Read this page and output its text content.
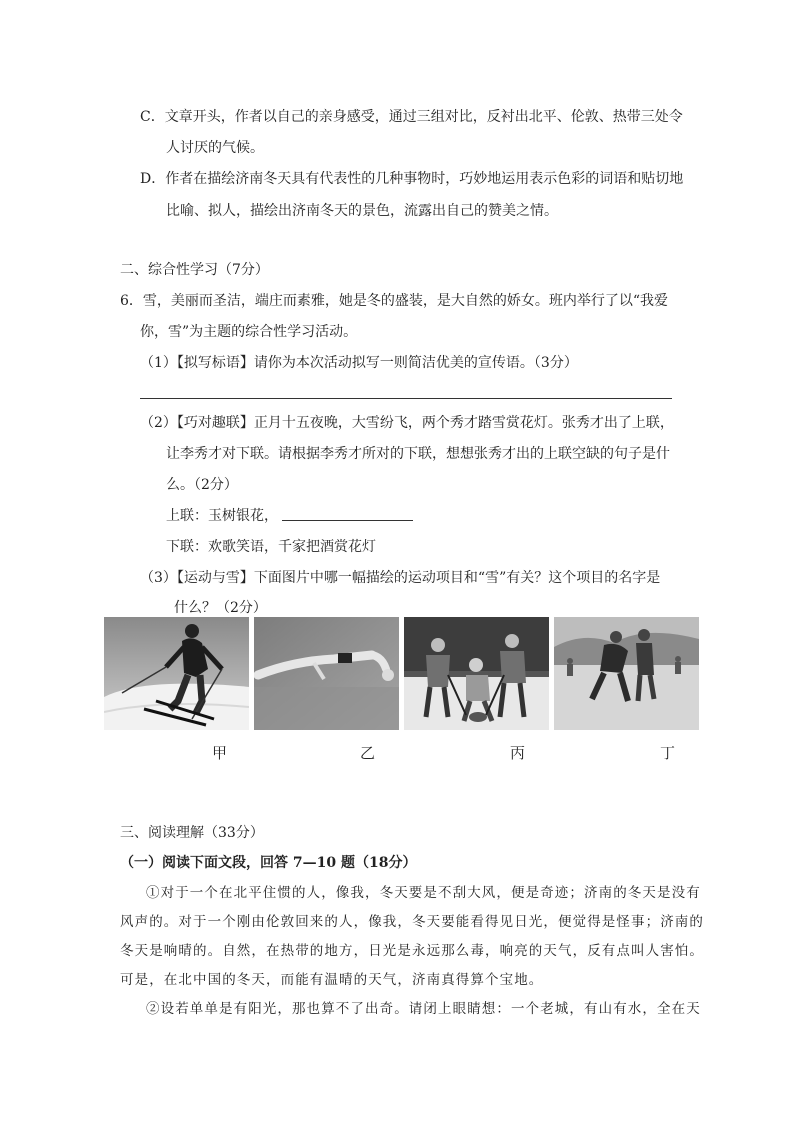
C．文章开头，作者以自己的亲身感受，通过三组对比，反衬出北平、伦敦、热带三处令
人讨厌的气候。
D．作者在描绘济南冬天具有代表性的几种事物时，巧妙地运用表示色彩的词语和贴切地
比喻、拟人，描绘出济南冬天的景色，流露出自己的赞美之情。
二、综合性学习（7分）
6．雪，美丽而圣洁，端庄而素雅，她是冬的盛装，是大自然的娇女。班内举行了以“我爱
你，雪”为主题的综合性学习活动。
（1）【拟写标语】请你为本次活动拟写一则简洁优美的宣传语。（3分）
（2）【巧对趣联】正月十五夜晚，大雪纷飞，两个秀才踏雪赏花灯。张秀才出了上联，
让李秀才对下联。请根据李秀才所对的下联，想想张秀才出的上联空缺的句子是什
么。（2分）
上联：玉树银花，
下联：欢歌笑语，千家把酒赏花灯
（3）【运动与雪】下面图片中哪一幅描绘的运动项目和“雪”有关？这个项目的名字是
什么？（2分）
甲	乙	丙	丁
三、阅读理解（33分）
（一）阅读下面文段，回答 7—10 题（18分）
①对于一个在北平住惯的人，像我，冬天要是不刮大风，便是奇迹；济南的冬天是没有
风声的。对于一个刚由伦敦回来的人，像我，冬天要能看得见日光，便觉得是怪事；济南的
冬天是响晴的。自然，在热带的地方，日光是永远那么毒，响亮的天气，反有点叫人害怕。
可是，在北中国的冬天，而能有温晴的天气，济南真得算个宝地。
②设若单单是有阳光，那也算不了出奇。请闭上眼睛想：一个老城，有山有水，全在天
